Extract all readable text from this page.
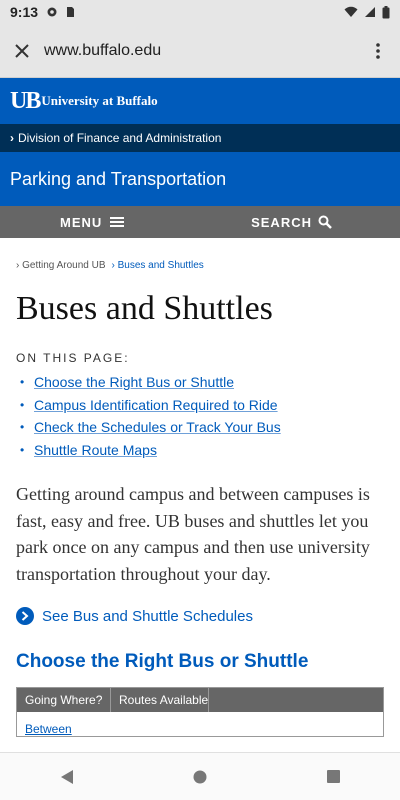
9:13
www.buffalo.edu
UB University at Buffalo
› Division of Finance and Administration
Parking and Transportation
MENU	SEARCH
› Getting Around UB › Buses and Shuttles
Buses and Shuttles
ON THIS PAGE:
• Choose the Right Bus or Shuttle
• Campus Identification Required to Ride
• Check the Schedules or Track Your Bus
• Shuttle Route Maps

Getting around campus and between campuses is fast, easy and free. UB buses and shuttles let you park once on any campus and then use university transportation throughout your day.

See Bus and Shuttle Schedules
Choose the Right Bus or Shuttle
Going Where?	Routes Available
Between
